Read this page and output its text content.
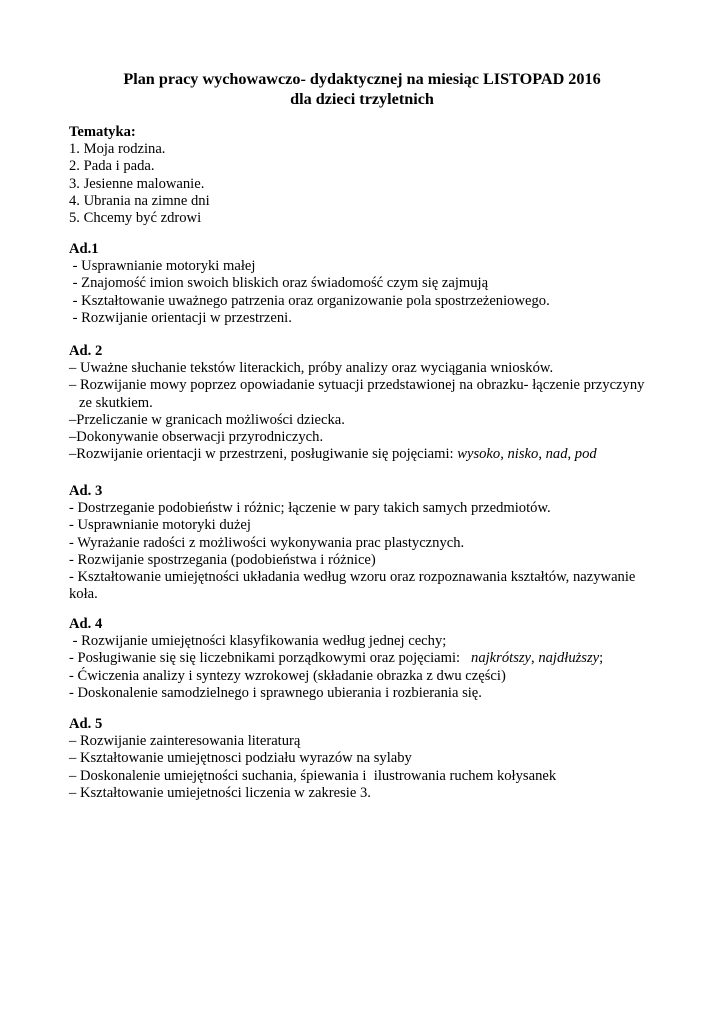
Plan pracy wychowawczo- dydaktycznej na miesiąc LISTOPAD 2016
dla dzieci trzyletnich
Tematyka:
1. Moja rodzina.
2. Pada i pada.
3. Jesienne malowanie.
4. Ubrania na zimne dni
5. Chcemy być zdrowi
Ad.1
- Usprawnianie motoryki małej
- Znajomość imion swoich bliskich oraz świadomość czym się zajmują
- Kształtowanie uważnego patrzenia oraz organizowanie pola spostrzeżeniowego.
- Rozwijanie orientacji w przestrzeni.
Ad. 2
– Uważne słuchanie tekstów literackich, próby analizy oraz wyciągania wniosków.
– Rozwijanie mowy poprzez opowiadanie sytuacji przedstawionej na obrazku- łączenie przyczyny
ze skutkiem.
–Przeliczanie w granicach możliwości dziecka.
–Dokonywanie obserwacji przyrodniczych.
–Rozwijanie orientacji w przestrzeni, posługiwanie się pojęciami: wysoko, nisko, nad, pod
Ad. 3
- Dostrzeganie podobieństw i różnic; łączenie w pary takich samych przedmiotów.
- Usprawnianie motoryki dużej
- Wyrażanie radości z możliwości wykonywania prac plastycznych.
- Rozwijanie spostrzegania (podobieństwa i różnice)
- Kształtowanie umiejętności układania według wzoru oraz rozpoznawania kształtów, nazywanie
koła.
Ad. 4
- Rozwijanie umiejętności klasyfikowania według jednej cechy;
- Posługiwanie się się liczebnikami porządkowymi oraz pojęciami:   najkrótszy, najdłuższy;
- Ćwiczenia analizy i syntezy wzrokowej (składanie obrazka z dwu części)
- Doskonalenie samodzielnego i sprawnego ubierania i rozbierania się.
Ad. 5
– Rozwijanie zainteresowania literaturą
– Kształtowanie umiejętnosci podziału wyrazów na sylaby
– Doskonalenie umiejętności suchania, śpiewania i  ilustrowania ruchem kołysanek
– Kształtowanie umiejetności liczenia w zakresie 3.
